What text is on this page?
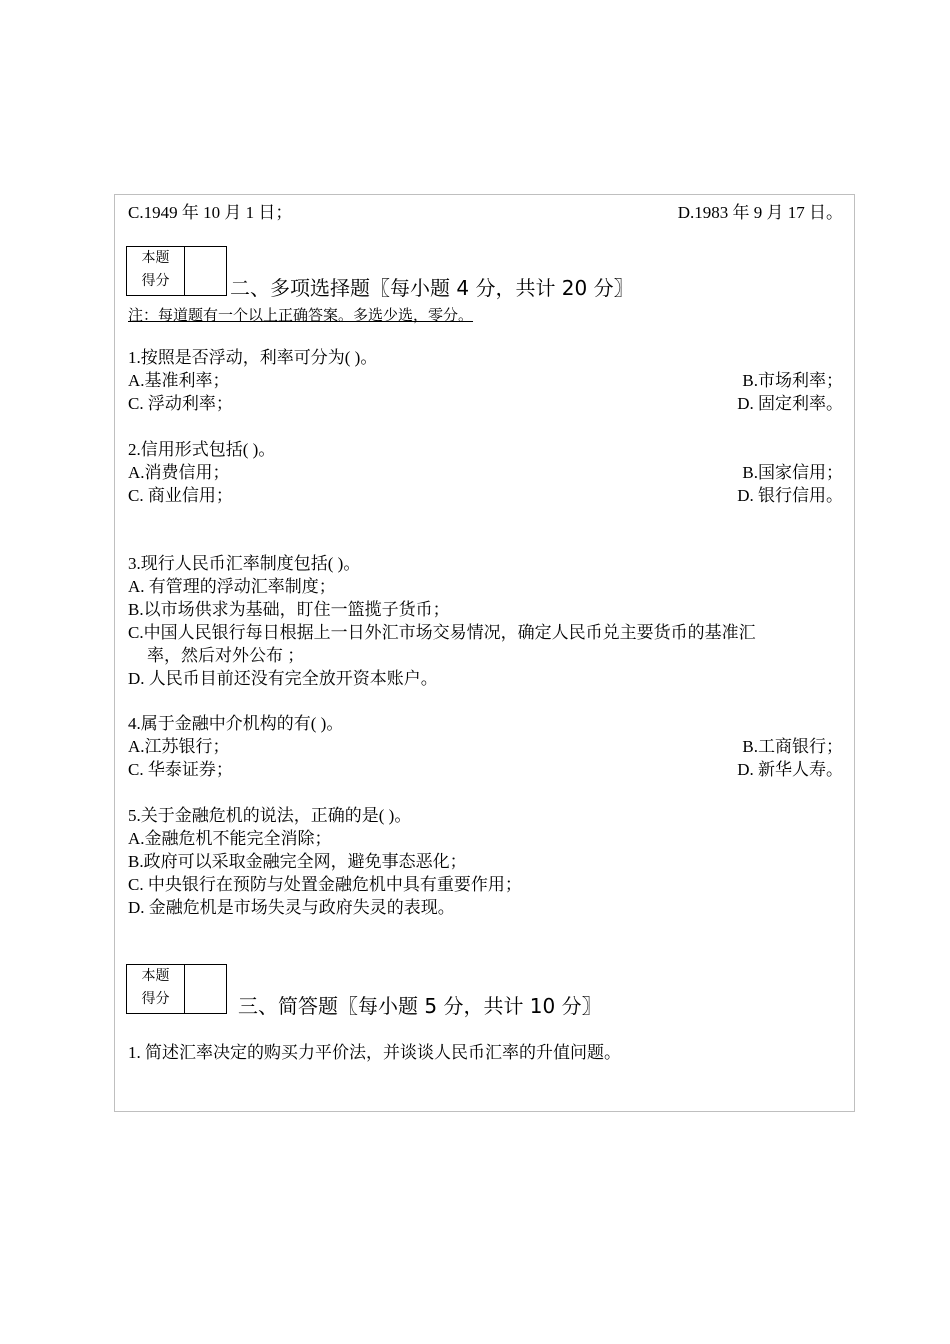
C.1949 年 10 月 1 日；	D.1983 年 9 月 17 日。
本题
得分	二、多项选择题〖每小题 4 分，共计 20 分〗
注：每道题有一个以上正确答案。多选少选，零分。
1.按照是否浮动，利率可分为( )。
A.基准利率；	B.市场利率；
C. 浮动利率；	D. 固定利率。
2.信用形式包括( )。
A.消费信用；	B.国家信用；
C. 商业信用；	D. 银行信用。
3.现行人民币汇率制度包括( )。
A. 有管理的浮动汇率制度；
B.以市场供求为基础，盯住一篮揽子货币；
C.中国人民银行每日根据上一日外汇市场交易情况，确定人民币兑主要货币的基准汇
率，然后对外公布 ；
D. 人民币目前还没有完全放开资本账户。
4.属于金融中介机构的有( )。
A.江苏银行；	B.工商银行；
C. 华泰证券；	D. 新华人寿。
5.关于金融危机的说法，正确的是( )。
A.金融危机不能完全消除；
B.政府可以采取金融完全网，避免事态恶化；
C. 中央银行在预防与处置金融危机中具有重要作用；
D. 金融危机是市场失灵与政府失灵的表现。
本题
得分	三、简答题〖每小题 5 分，共计 10 分〗
1. 简述汇率决定的购买力平价法，并谈谈人民币汇率的升值问题。
